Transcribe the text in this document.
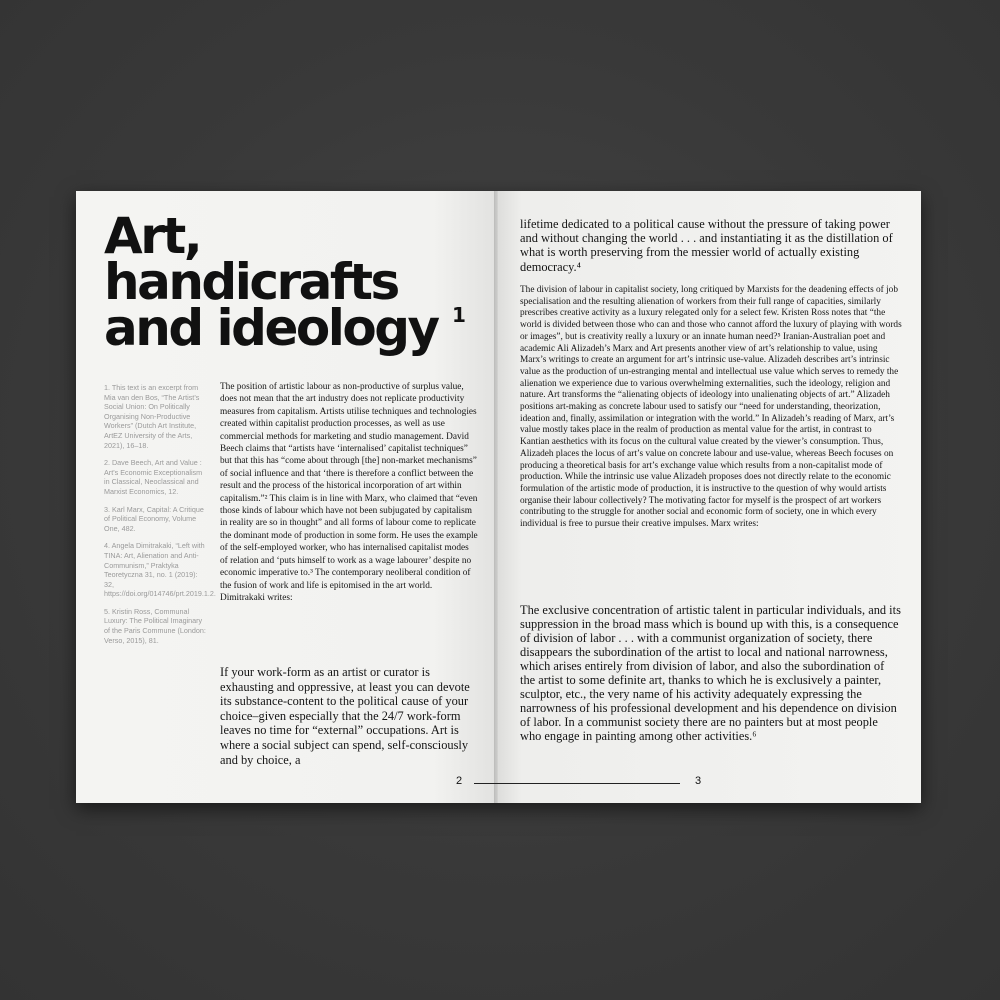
Art,
handicrafts
and ideology 1

1. This text is an excerpt from Mia van den Bos, “The Artist’s Social Union: On Politically Organising Non-Productive Workers” (Dutch Art Institute, ArtEZ University of the Arts, 2021), 16–18.

2. Dave Beech, Art and Value : Art’s Economic Exceptionalism in Classical, Neoclassical and Marxist Economics, 12.

3. Karl Marx, Capital: A Critique of Political Economy, Volume One, 482.

4. Angela Dimitrakaki, “Left with TINA: Art, Alienation and Anti-Communism,” Praktyka Teoretyczna 31, no. 1 (2019): 32, https://doi.org/014746/prt.2019.1.2.

5. Kristin Ross, Communal Luxury: The Political Imaginary of the Paris Commune (London: Verso, 2015), 81.

The position of artistic labour as non-productive of surplus value, does not mean that the art industry does not replicate productivity measures from capitalism. Artists utilise techniques and technologies created within capitalist production processes, as well as use commercial methods for marketing and studio management. David Beech claims that “artists have ‘internalised’ capitalist techniques” but that this has “come about through [the] non-market mechanisms” of social influence and that ‘there is therefore a conflict between the result and the process of the historical incorporation of art within capitalism.”² This claim is in line with Marx, who claimed that “even those kinds of labour which have not been subjugated by capitalism in reality are so in thought” and all forms of labour come to replicate the dominant mode of production in some form. He uses the example of the self-employed worker, who has internalised capitalist modes of relation and ‘puts himself to work as a wage labourer’ despite no economic imperative to.³ The contemporary neoliberal condition of the fusion of work and life is epitomised in the art world. Dimitrakaki writes:

If your work-form as an artist or curator is exhausting and oppressive, at least you can devote its substance-content to the political cause of your choice–given especially that the 24/7 work-form leaves no time for “external” occupations. Art is where a social subject can spend, self-consciously and by choice, a

lifetime dedicated to a political cause without the pressure of taking power and without changing the world . . . and instantiating it as the distillation of what is worth preserving from the messier world of actually existing democracy.⁴

The division of labour in capitalist society, long critiqued by Marxists for the deadening effects of job specialisation and the resulting alienation of workers from their full range of capacities, similarly prescribes creative activity as a luxury relegated only for a select few. Kristen Ross notes that “the world is divided between those who can and those who cannot afford the luxury of playing with words or images”, but is creativity really a luxury or an innate human need?⁵ Iranian-Australian poet and academic Ali Alizadeh’s Marx and Art presents another view of art’s relationship to value, using Marx’s writings to create an argument for art’s intrinsic use-value. Alizadeh describes art’s intrinsic value as the production of un-estranging mental and intellectual use value which serves to remedy the alienation we experience due to various overwhelming externalities, such the ideology, religion and nature. Art transforms the “alienating objects of ideology into unalienating objects of art.” Alizadeh positions art-making as concrete labour used to satisfy our “need for understanding, theorization, ideation and, finally, assimilation or integration with the world.” In Alizadeh’s reading of Marx, art’s value mostly takes place in the realm of production as mental value for the artist, in contrast to Kantian aesthetics with its focus on the cultural value created by the viewer’s consumption. Thus, Alizadeh places the locus of art’s value on concrete labour and use-value, whereas Beech focuses on producing a theoretical basis for art’s exchange value which results from a non-capitalist mode of production. While the intrinsic use value Alizadeh proposes does not directly relate to the economic formulation of the artistic mode of production, it is instructive to the question of why would artists organise their labour collectively? The motivating factor for myself is the prospect of art workers contributing to the struggle for another social and economic form of society, one in which every individual is free to pursue their creative impulses. Marx writes:

The exclusive concentration of artistic talent in particular individuals, and its suppression in the broad mass which is bound up with this, is a consequence of division of labor . . . with a communist organization of society, there disappears the subordination of the artist to local and national narrowness, which arises entirely from division of labor, and also the subordination of the artist to some definite art, thanks to which he is exclusively a painter, sculptor, etc., the very name of his activity adequately expressing the narrowness of his professional development and his dependence on division of labor. In a communist society there are no painters but at most people who engage in painting among other activities.⁶

2	3
